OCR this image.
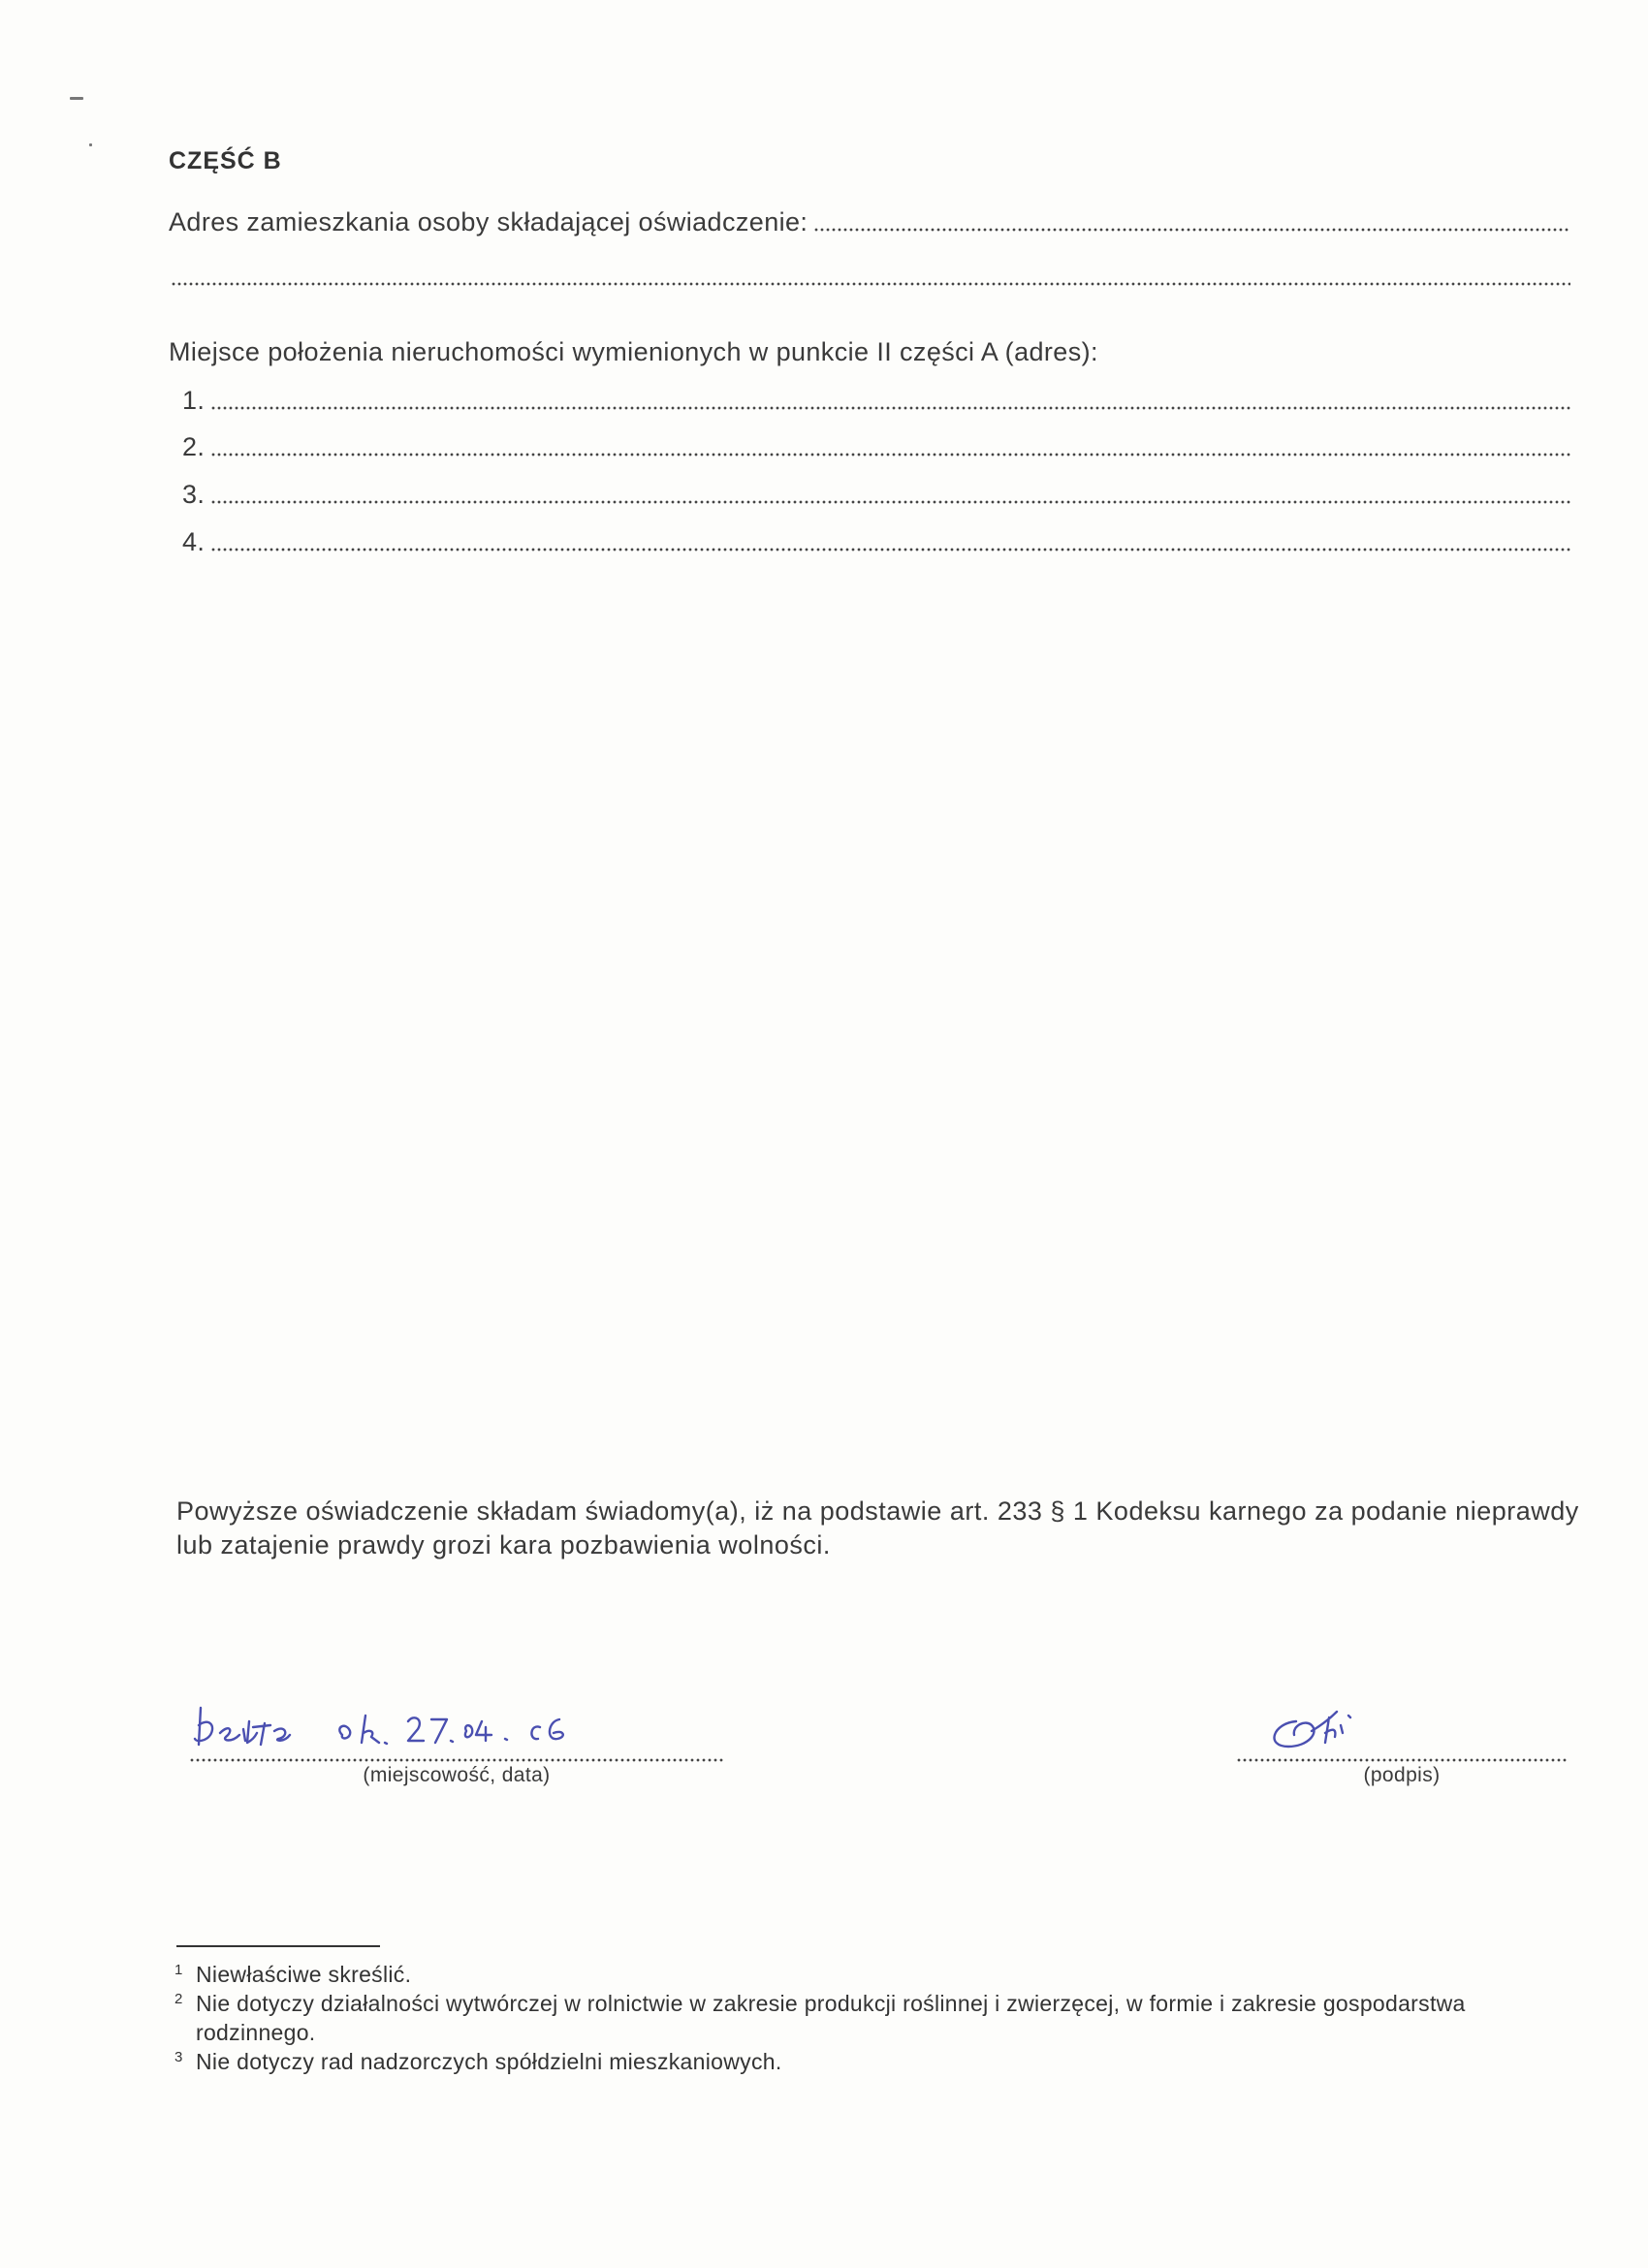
CZĘŚĆ B
Adres zamieszkania osoby składającej oświadczenie:
Miejsce położenia nieruchomości wymienionych w punkcie II części A (adres):
1.
2.
3.
4.
Powyższe oświadczenie składam świadomy(a), iż na podstawie art. 233 § 1 Kodeksu karnego za podanie nieprawdy lub zatajenie prawdy grozi kara pozbawienia wolności.
(miejscowość, data)	(podpis)
1 Niewłaściwe skreślić.
2 Nie dotyczy działalności wytwórczej w rolnictwie w zakresie produkcji roślinnej i zwierzęcej, w formie i zakresie gospodarstwa rodzinnego.
3 Nie dotyczy rad nadzorczych spółdzielni mieszkaniowych.
